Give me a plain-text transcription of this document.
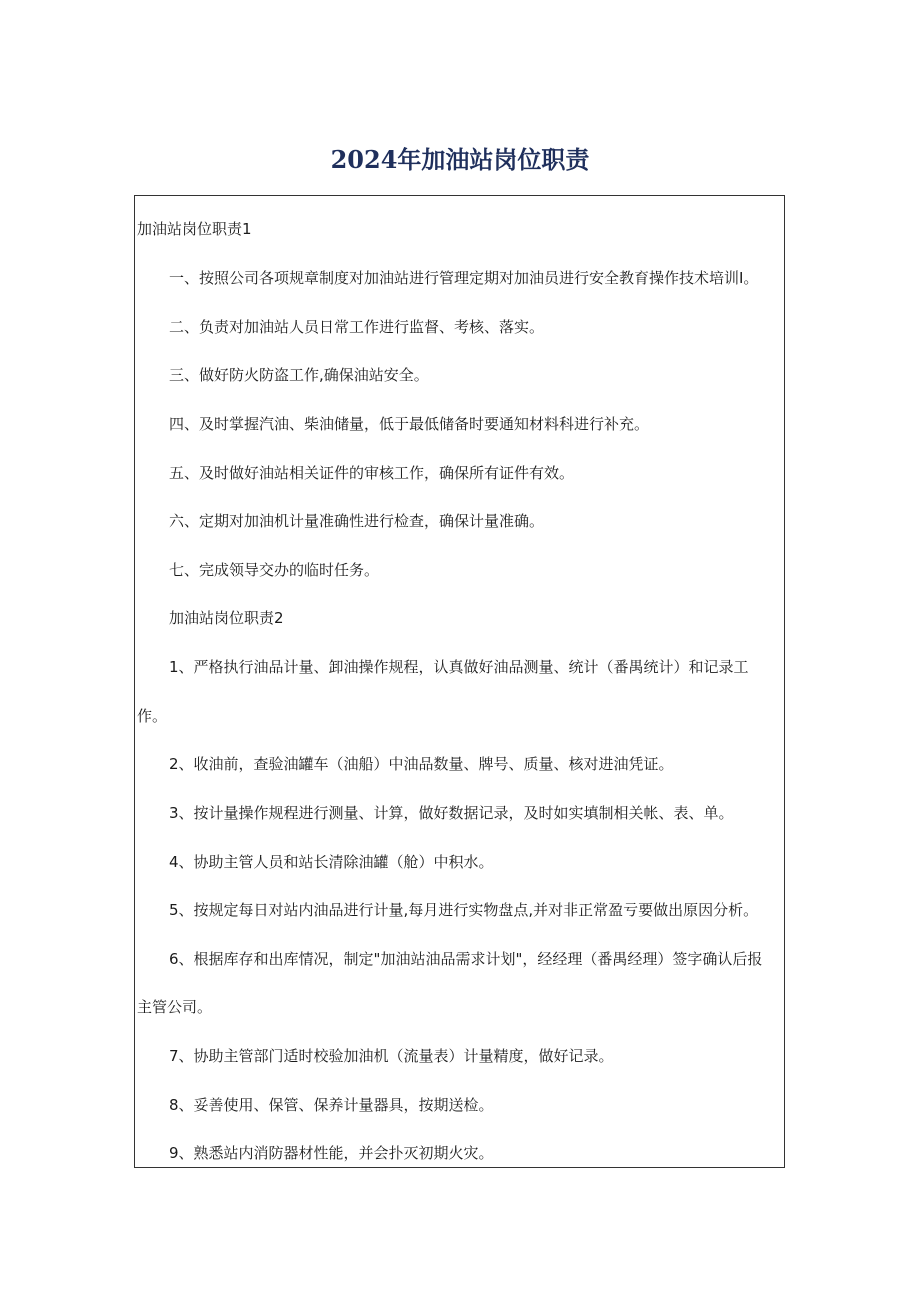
2024年加油站岗位职责

加油站岗位职责1

一、按照公司各项规章制度对加油站进行管理定期对加油员进行安全教育操作技术培训I。

二、负责对加油站人员日常工作进行监督、考核、落实。

三、做好防火防盗工作,确保油站安全。

四、及时掌握汽油、柴油储量，低于最低储备时要通知材料科进行补充。

五、及时做好油站相关证件的审核工作，确保所有证件有效。

六、定期对加油机计量准确性进行检查，确保计量准确。

七、完成领导交办的临时任务。

加油站岗位职责2

1、严格执行油品计量、卸油操作规程，认真做好油品测量、统计（番禺统计）和记录工

作。

2、收油前，查验油罐车（油船）中油品数量、牌号、质量、核对进油凭证。

3、按计量操作规程进行测量、计算，做好数据记录，及时如实填制相关帐、表、单。

4、协助主管人员和站长清除油罐（舱）中积水。

5、按规定每日对站内油品进行计量,每月进行实物盘点,并对非正常盈亏要做出原因分析。

6、根据库存和出库情况，制定"加油站油品需求计划"，经经理（番禺经理）签字确认后报

主管公司。

7、协助主管部门适时校验加油机（流量表）计量精度，做好记录。

8、妥善使用、保管、保养计量器具，按期送检。

9、熟悉站内消防器材性能，并会扑灭初期火灾。
